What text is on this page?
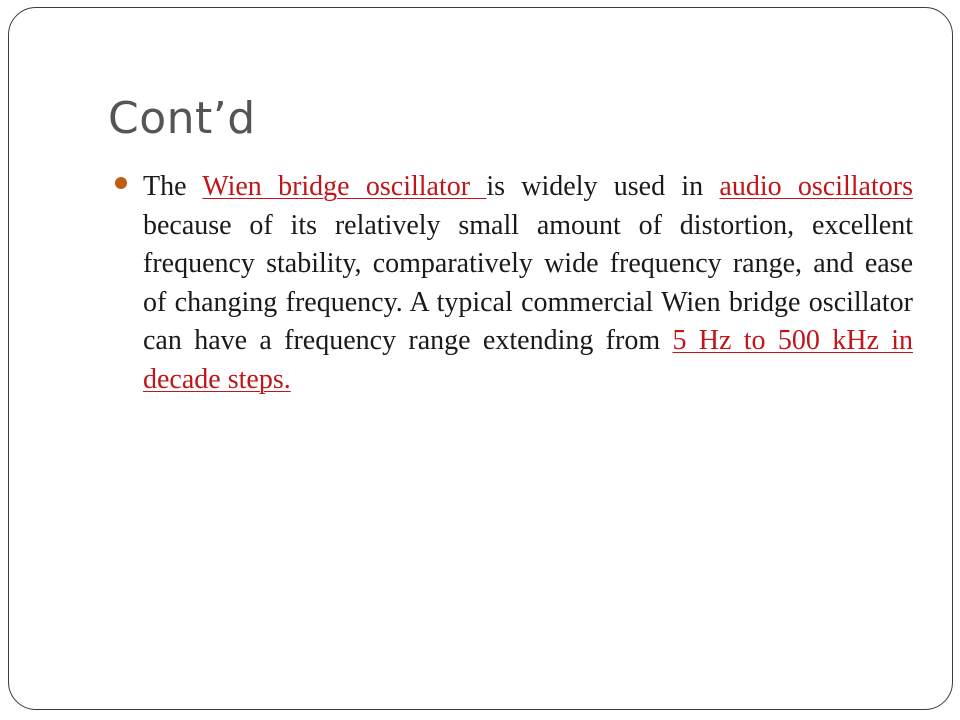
Cont’d

The Wien bridge oscillator is widely used in audio oscillators because of its relatively small amount of distortion, excellent frequency stability, comparatively wide frequency range, and ease of changing frequency. A typical commercial Wien bridge oscillator can have a frequency range extending from 5 Hz to 500 kHz in decade steps.
